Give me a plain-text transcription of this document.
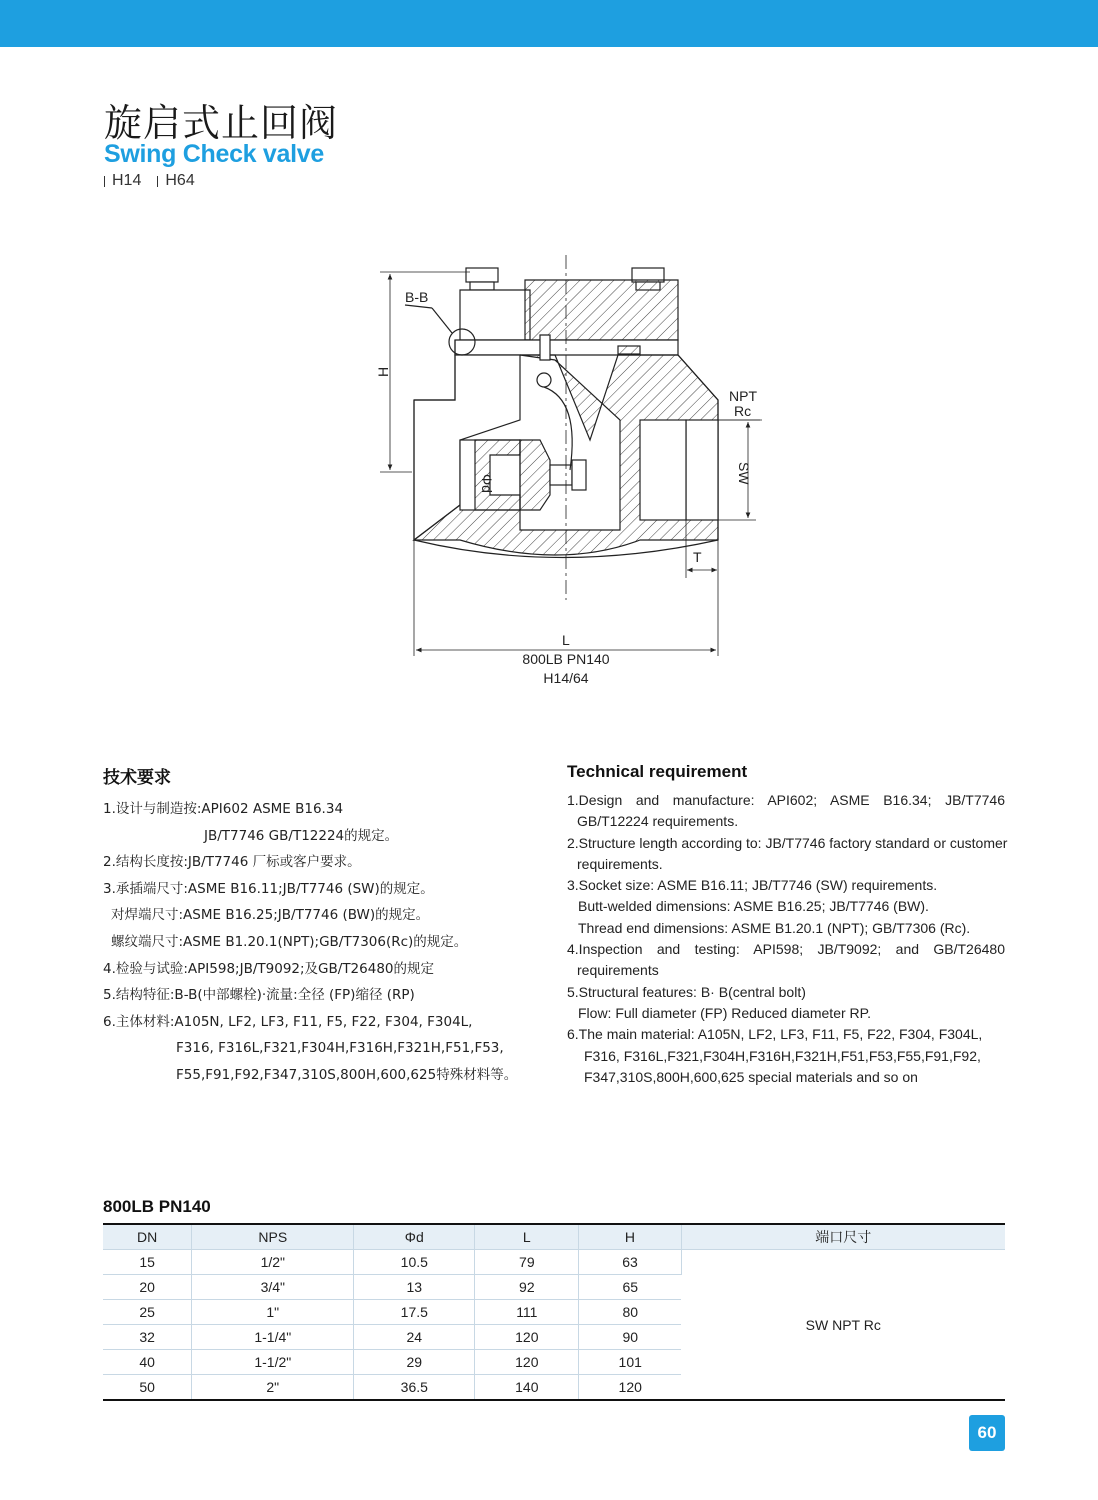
旋启式止回阀
Swing Check valve
H14	H64
B-B
H
Φd	SW
NPT
Rc
T
L
800LB PN140
H14/64
技术要求
1.设计与制造按:API602 ASME B16.34
JB/T7746 GB/T12224的规定。
2.结构长度按:JB/T7746 厂标或客户要求。
3.承插端尺寸:ASME B16.11;JB/T7746 (SW)的规定。
对焊端尺寸:ASME B16.25;JB/T7746 (BW)的规定。
螺纹端尺寸:ASME B1.20.1(NPT);GB/T7306(Rc)的规定。
4.检验与试验:API598;JB/T9092;及GB/T26480的规定
5.结构特征:B-B(中部螺栓)·流量:全径 (FP)缩径 (RP)
6.主体材料:A105N, LF2, LF3, F11, F5, F22, F304, F304L,
F316, F316L,F321,F304H,F316H,F321H,F51,F53,
F55,F91,F92,F347,310S,800H,600,625特殊材料等。
Technical requirement
1.Design and manufacture: API602; ASME B16.34; JB/T7746
GB/T12224 requirements.
2.Structure length according to: JB/T7746 factory standard or customer
requirements.
3.Socket size: ASME B16.11; JB/T7746 (SW) requirements.
Butt-welded dimensions: ASME B16.25; JB/T7746 (BW).
Thread end dimensions: ASME B1.20.1 (NPT); GB/T7306 (Rc).
4.Inspection and testing: API598; JB/T9092; and GB/T26480
requirements
5.Structural features: B· B(central bolt)
Flow: Full diameter (FP) Reduced diameter RP.
6.The main material: A105N, LF2, LF3, F11, F5, F22, F304, F304L,
F316, F316L,F321,F304H,F316H,F321H,F51,F53,F55,F91,F92,
F347,310S,800H,600,625 special materials and so on
800LB PN140
DN	NPS	Φd	L	H	端口尺寸
15	1/2"	10.5	79	63	SW NPT Rc
20	3/4"	13	92	65	
25	1"	17.5	111	80	
32	1-1/4"	24	120	90	
40	1-1/2"	29	120	101	
50	2"	36.5	140	120	
60
